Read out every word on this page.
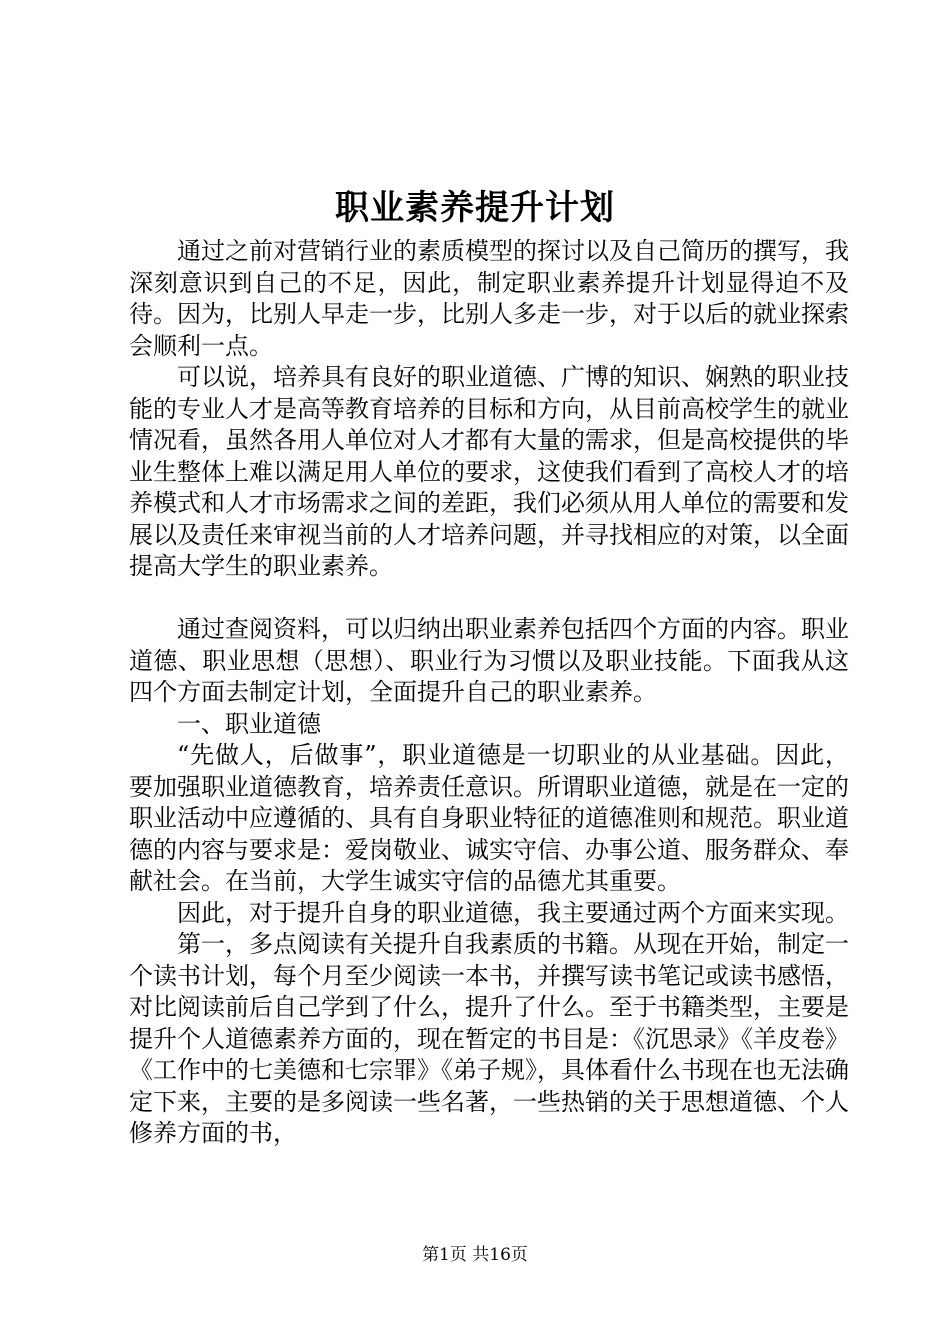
职业素养提升计划

通过之前对营销行业的素质模型的探讨以及自己简历的撰写，我深刻意识到自己的不足，因此，制定职业素养提升计划显得迫不及待。因为，比别人早走一步，比别人多走一步，对于以后的就业探索会顺利一点。

可以说，培养具有良好的职业道德、广博的知识、娴熟的职业技能的专业人才是高等教育培养的目标和方向，从目前高校学生的就业情况看，虽然各用人单位对人才都有大量的需求，但是高校提供的毕业生整体上难以满足用人单位的要求，这使我们看到了高校人才的培养模式和人才市场需求之间的差距，我们必须从用人单位的需要和发展以及责任来审视当前的人才培养问题，并寻找相应的对策，以全面提高大学生的职业素养。

通过查阅资料，可以归纳出职业素养包括四个方面的内容。职业道德、职业思想（思想）、职业行为习惯以及职业技能。下面我从这四个方面去制定计划，全面提升自己的职业素养。

一、职业道德

“先做人，后做事”，职业道德是一切职业的从业基础。因此，要加强职业道德教育，培养责任意识。所谓职业道德，就是在一定的职业活动中应遵循的、具有自身职业特征的道德准则和规范。职业道德的内容与要求是：爱岗敬业、诚实守信、办事公道、服务群众、奉献社会。在当前，大学生诚实守信的品德尤其重要。

因此，对于提升自身的职业道德，我主要通过两个方面来实现。

第一，多点阅读有关提升自我素质的书籍。从现在开始，制定一个读书计划，每个月至少阅读一本书，并撰写读书笔记或读书感悟，对比阅读前后自己学到了什么，提升了什么。至于书籍类型，主要是提升个人道德素养方面的，现在暂定的书目是：《沉思录》《羊皮卷》《工作中的七美德和七宗罪》《弟子规》，具体看什么书现在也无法确定下来，主要的是多阅读一些名著，一些热销的关于思想道德、个人修养方面的书，

第1页 共16页
